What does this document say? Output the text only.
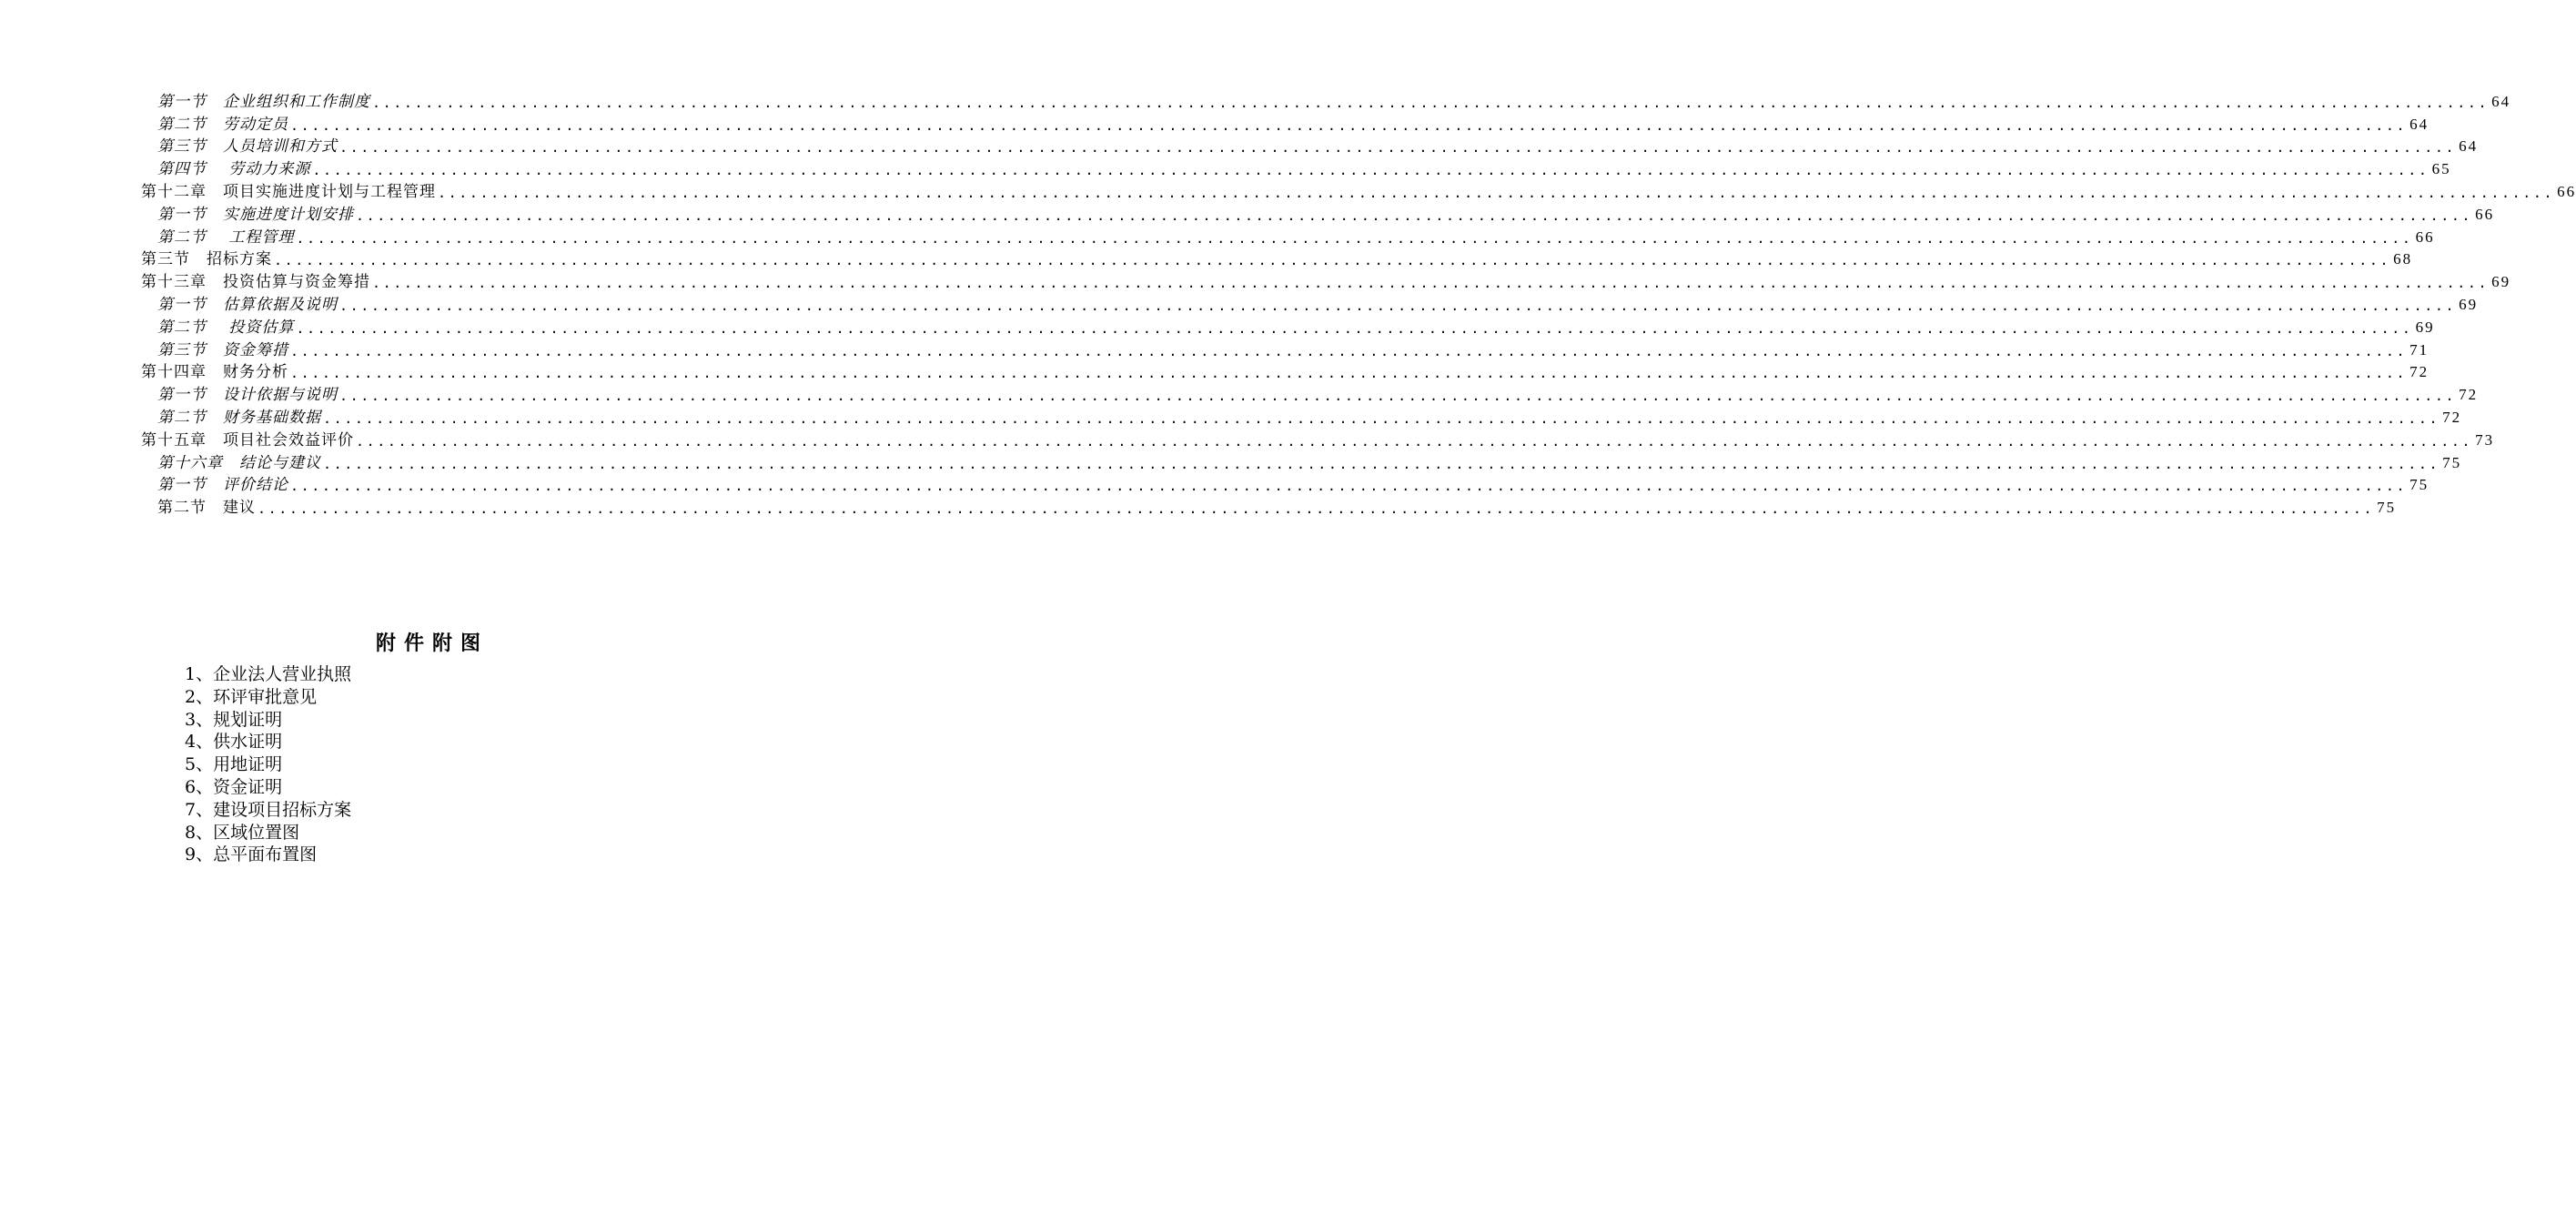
第一节　企业组织和工作制度 ........................................................................................................................................................................................................ 64
第二节　劳动定员 ........................................................................................................................................................................................................ 64
第三节　人员培训和方式 ........................................................................................................................................................................................................ 64
第四节　 劳动力来源 ........................................................................................................................................................................................................ 65
第十二章　项目实施进度计划与工程管理 ........................................................................................................................................................................................................ 66
第一节　实施进度计划安排 ........................................................................................................................................................................................................ 66
第二节　 工程管理 ........................................................................................................................................................................................................ 66
第三节　招标方案 ........................................................................................................................................................................................................ 68
第十三章　投资估算与资金筹措 ........................................................................................................................................................................................................ 69
第一节　估算依据及说明 ........................................................................................................................................................................................................ 69
第二节　 投资估算 ........................................................................................................................................................................................................ 69
第三节　资金筹措 ........................................................................................................................................................................................................ 71
第十四章　财务分析 ........................................................................................................................................................................................................ 72
第一节　设计依据与说明 ........................................................................................................................................................................................................ 72
第二节　财务基础数据 ........................................................................................................................................................................................................ 72
第十五章　项目社会效益评价 ........................................................................................................................................................................................................ 73
第十六章　结论与建议 ........................................................................................................................................................................................................ 75
第一节　评价结论 ........................................................................................................................................................................................................ 75
第二节　建议 ........................................................................................................................................................................................................ 75
附件附图
1、企业法人营业执照
2、环评审批意见
3、规划证明
4、供水证明
5、用地证明
6、资金证明
7、建设项目招标方案
8、区域位置图
9、总平面布置图
